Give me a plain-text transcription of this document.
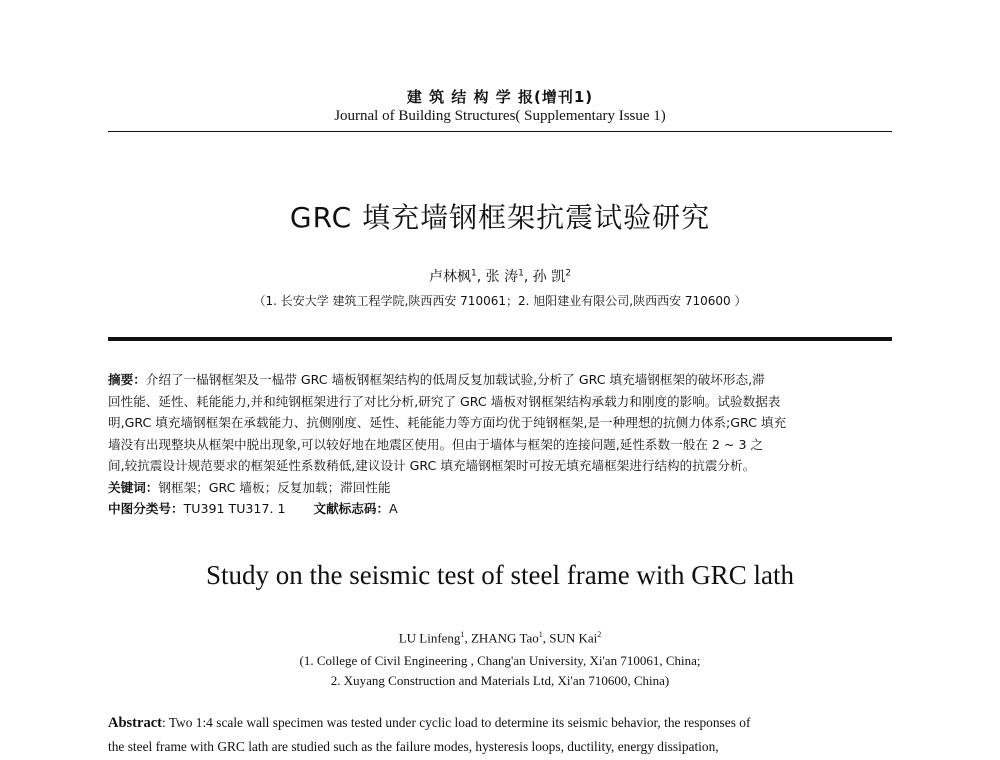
建 筑 结 构 学 报(增刊1)
Journal of Building Structures( Supplementary Issue 1)
GRC 填充墙钢框架抗震试验研究
卢林枫$^1$, 张 涛$^1$, 孙 凯$^2$
（1. 长安大学 建筑工程学院,陕西西安 710061；2. 旭阳建业有限公司,陕西西安 710600 ）
摘要：介绍了一榀钢框架及一榀带 GRC 墙板钢框架结构的低周反复加载试验,分析了 GRC 填充墙钢框架的破坏形态,滞
回性能、延性、耗能能力,并和纯钢框架进行了对比分析,研究了 GRC 墙板对钢框架结构承载力和刚度的影响。试验数据表
明,GRC 填充墙钢框架在承载能力、抗侧刚度、延性、耗能能力等方面均优于纯钢框架,是一种理想的抗侧力体系;GRC 填充
墙没有出现整块从框架中脱出现象,可以较好地在地震区使用。但由于墙体与框架的连接问题,延性系数一般在 2 ~ 3 之
间,较抗震设计规范要求的框架延性系数稍低,建议设计 GRC 填充墙钢框架时可按无填充墙框架进行结构的抗震分析。
关键词：钢框架；GRC 墙板；反复加载；滞回性能
中图分类号：TU391 TU317. 1 文献标志码：A
Study on the seismic test of steel frame with GRC lath
LU Linfeng$^1$, ZHANG Tao$^1$, SUN Kai$^2$
(1. College of Civil Engineering , Chang'an University, Xi'an 710061, China;
2. Xuyang Construction and Materials Ltd, Xi'an 710600, China)
Abstract: Two 1:4 scale wall specimen was tested under cyclic load to determine its seismic behavior, the responses of
the steel frame with GRC lath are studied such as the failure modes, hysteresis loops, ductility, energy dissipation,
